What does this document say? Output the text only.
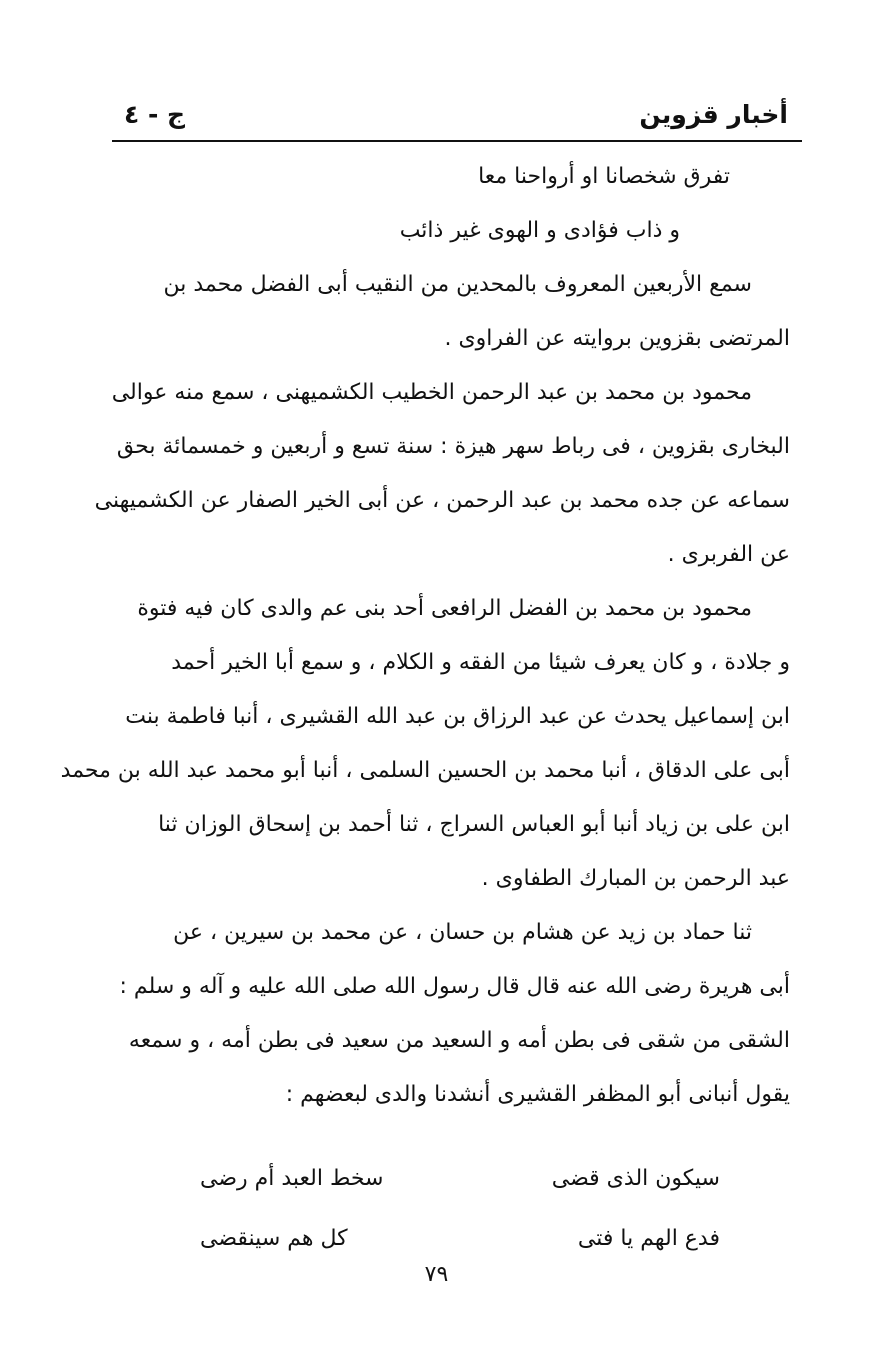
أخبار قزوين
ج - ٤
تفرق شخصانا او أرواحنا معا
و ذاب فؤادی و الهوی غیر ذائب
سمع الأربعين المعروف بالمحدين من النقيب أبی الفضل محمد بن
المرتضى بقزوين بروايته عن الفراوی .
محمود بن محمد بن عبد الرحمن الخطيب الكشميهنی ، سمع منه عوالی
البخاری بقزوين ، فی رباط سهر هيزة : سنة تسع و أربعين و خمسمائة بحق
سماعه عن جده محمد بن عبد الرحمن ، عن أبی الخير الصفار عن الكشميهنی
عن الفربری .
محمود بن محمد بن الفضل الرافعی أحد بنی عم والدی كان فيه فتوة
و جلادة ، و كان يعرف شيئا من الفقه و الكلام ، و سمع أبا الخير أحمد
ابن إسماعيل يحدث عن عبد الرزاق بن عبد الله القشيری ، أنبا فاطمة بنت
أبی علی الدقاق ، أنبا محمد بن الحسين السلمی ، أنبا أبو محمد عبد الله بن محمد
ابن علی بن زياد أنبا أبو العباس السراج ، ثنا أحمد بن إسحاق الوزان ثنا
عبد الرحمن بن المبارك الطفاوی .
ثنا حماد بن زيد عن هشام بن حسان ، عن محمد بن سيرين ، عن
أبی هريرة رضی الله عنه قال قال رسول الله صلی الله عليه و آله و سلم :
الشقی من شقی فی بطن أمه و السعيد من سعيد فی بطن أمه ، و سمعه
يقول أنبانی أبو المظفر القشيری أنشدنا والدی لبعضهم :
سيكون الذی قضی
سخط العبد أم رضی
فدع الهم يا فتی
كل هم سينقضی
٧٩
